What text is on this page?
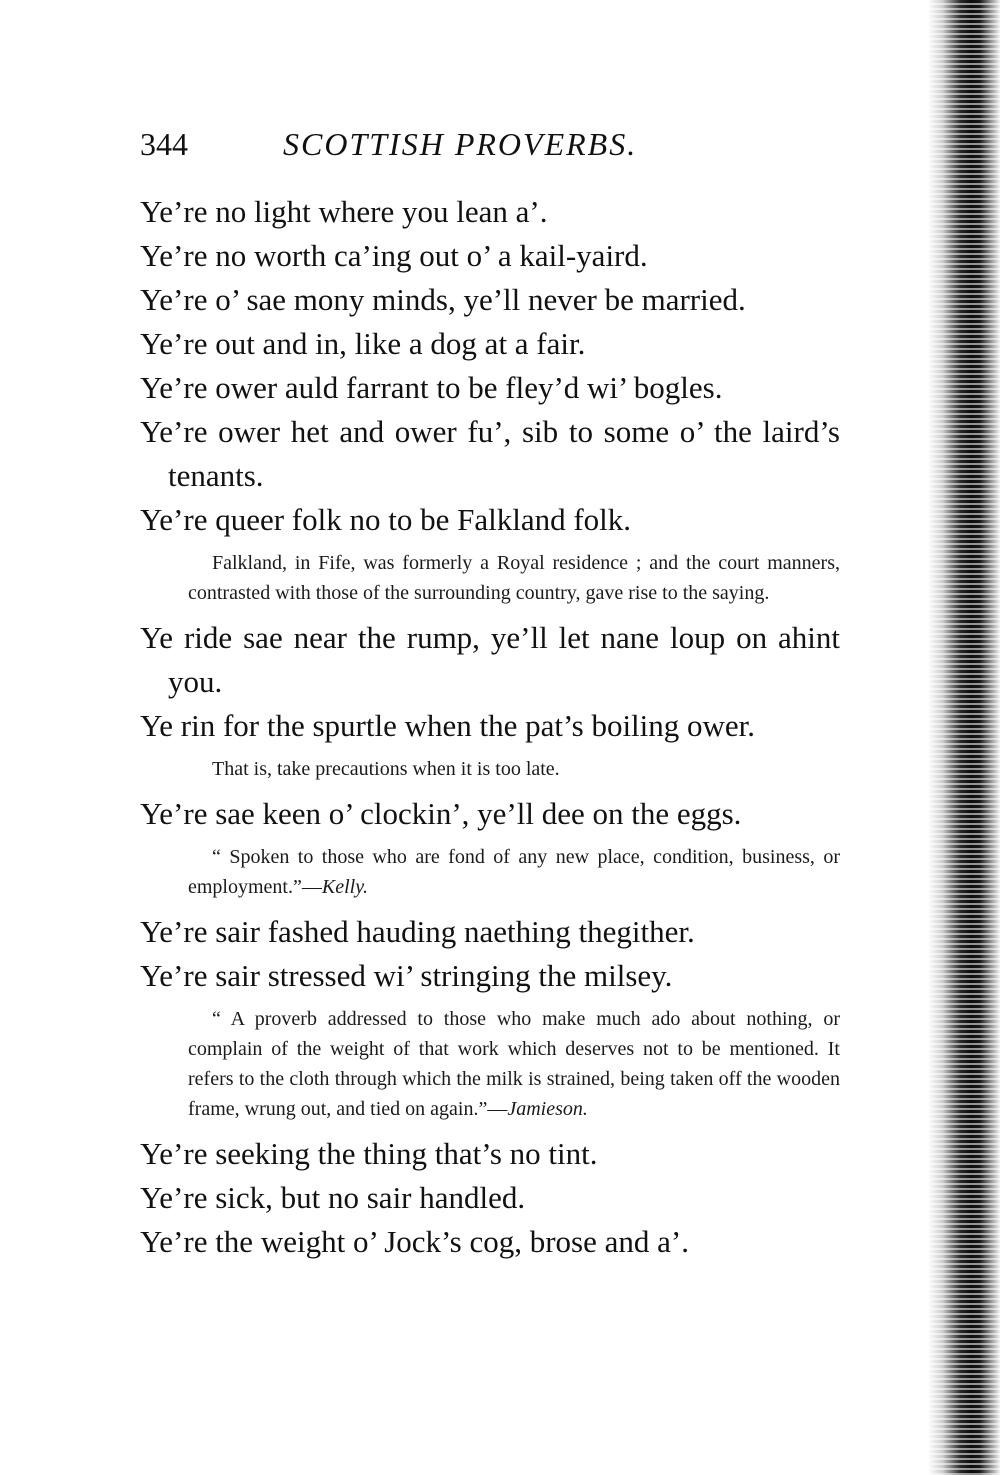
344	SCOTTISH PROVERBS.

Ye’re no light where you lean a’.

Ye’re no worth ca’ing out o’ a kail-yaird.

Ye’re o’ sae mony minds, ye’ll never be married.

Ye’re out and in, like a dog at a fair.

Ye’re ower auld farrant to be fley’d wi’ bogles.

Ye’re ower het and ower fu’, sib to some o’ the laird’s tenants.

Ye’re queer folk no to be Falkland folk.

Falkland, in Fife, was formerly a Royal residence ; and the court manners, contrasted with those of the surrounding country, gave rise to the saying.

Ye ride sae near the rump, ye’ll let nane loup on ahint you.

Ye rin for the spurtle when the pat’s boiling ower.

That is, take precautions when it is too late.

Ye’re sae keen o’ clockin’, ye’ll dee on the eggs.

“ Spoken to those who are fond of any new place, condition, business, or employment.”—Kelly.

Ye’re sair fashed hauding naething thegither.

Ye’re sair stressed wi’ stringing the milsey.

“ A proverb addressed to those who make much ado about nothing, or complain of the weight of that work which deserves not to be mentioned. It refers to the cloth through which the milk is strained, being taken off the wooden frame, wrung out, and tied on again.”—Jamieson.

Ye’re seeking the thing that’s no tint.

Ye’re sick, but no sair handled.

Ye’re the weight o’ Jock’s cog, brose and a’.
